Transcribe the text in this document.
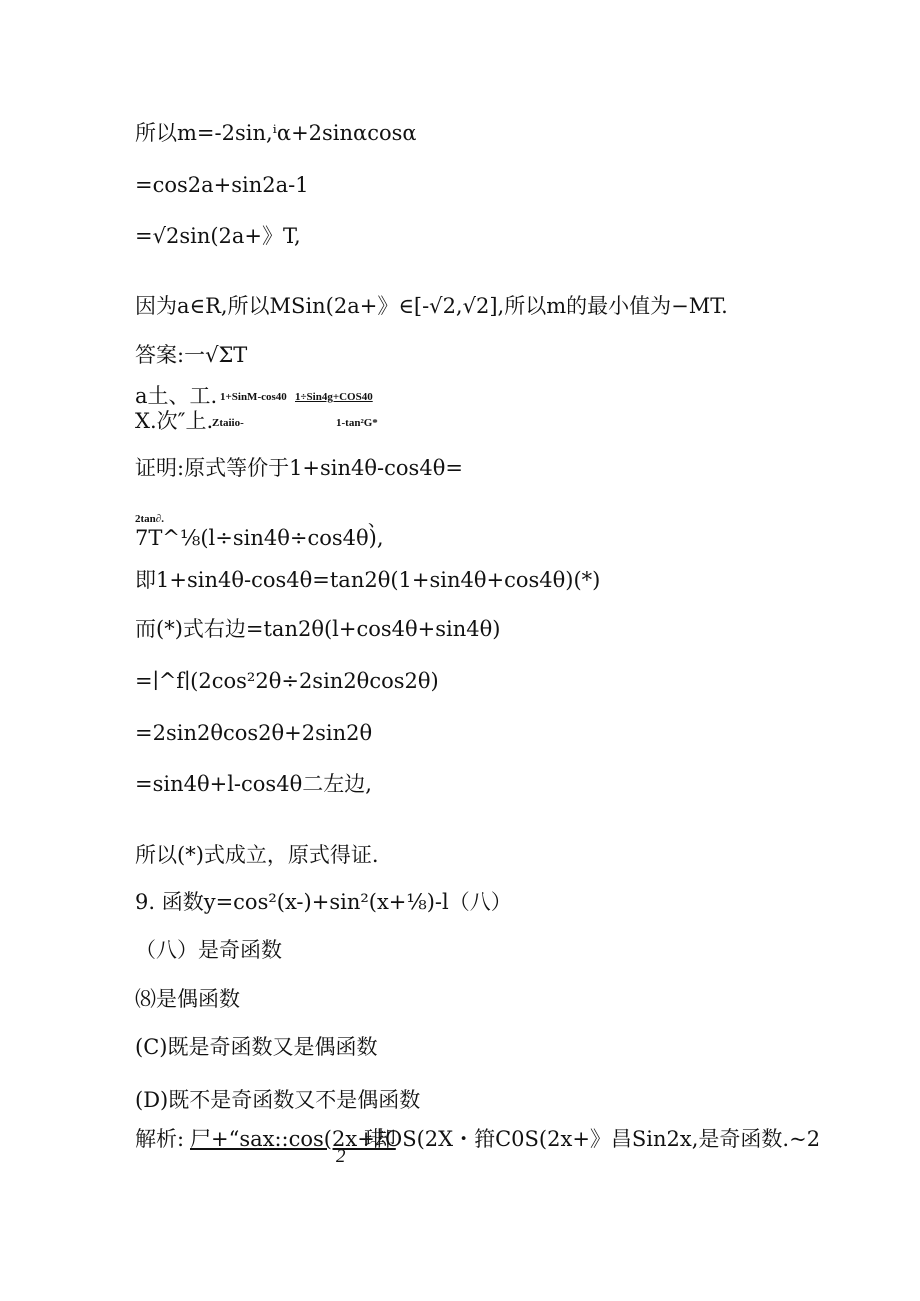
所以m=-2sin,ⁱα+2sinαcosα
=cos2a+sin2a-1
=√2sin(2a+》T,
因为a∈R,所以MSin(2a+》∈[-√2,√2],所以m的最小值为−MT.
答案:一√ΣT
a土、工. 1+SinM-cos40 1÷Sin4g+COS40
X.次″上.
Ztaiio-	1-tan²G*
证明:原式等价于1+sin4θ-cos4θ=
2tan∂.	、
7T^⅛(l÷sin4θ÷cos4θ),
即1+sin4θ-cos4θ=tan2θ(1+sin4θ+cos4θ)(*)
而(*)式右边=tan2θ(l+cos4θ+sin4θ)
=∣^f∣(2cos²2θ÷2sin2θcos2θ)
=2sin2θcos2θ+2sin2θ
=sin4θ+l-cos4θ二左边,
所以(*)式成立，原式得证.
9. 函数y=cos²(x-)+sin²(x+⅛)-l（八）
（八）是奇函数
⑻是偶函数
(C)既是奇函数又是偶函数
(D)既不是奇函数又不是偶函数
解析: 尸+“sax::cos(2x+却
琲OS(2X・箝C0S(2x+》昌Sin2x,是奇函数.~2
2
